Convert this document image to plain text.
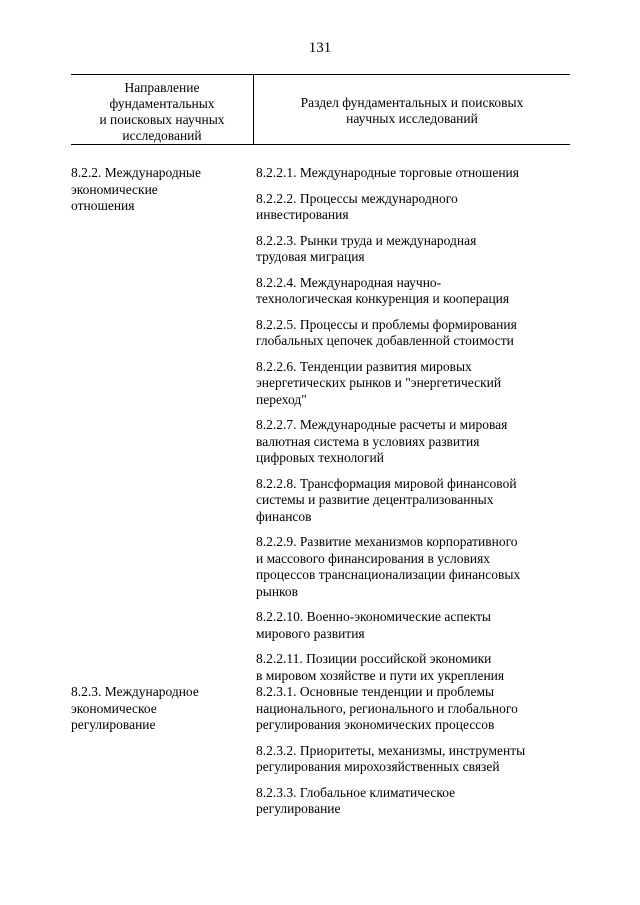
131
Направление
фундаментальных
и поисковых научных
исследований
Раздел фундаментальных и поисковых
научных исследований
8.2.2. Международные
экономические
отношения
8.2.2.1. Международные торговые отношения
8.2.2.2. Процессы международного
инвестирования
8.2.2.3. Рынки труда и международная
трудовая миграция
8.2.2.4. Международная научно-
технологическая конкуренция и кооперация
8.2.2.5. Процессы и проблемы формирования
глобальных цепочек добавленной стоимости
8.2.2.6. Тенденции развития мировых
энергетических рынков и "энергетический
переход"
8.2.2.7. Международные расчеты и мировая
валютная система в условиях развития
цифровых технологий
8.2.2.8. Трансформация мировой финансовой
системы и развитие децентрализованных
финансов
8.2.2.9. Развитие механизмов корпоративного
и массового финансирования в условиях
процессов транснационализации финансовых
рынков
8.2.2.10. Военно-экономические аспекты
мирового развития
8.2.2.11. Позиции российской экономики
в мировом хозяйстве и пути их укрепления
8.2.3. Международное
экономическое
регулирование
8.2.3.1. Основные тенденции и проблемы
национального, регионального и глобального
регулирования экономических процессов
8.2.3.2. Приоритеты, механизмы, инструменты
регулирования мирохозяйственных связей
8.2.3.3. Глобальное климатическое
регулирование
